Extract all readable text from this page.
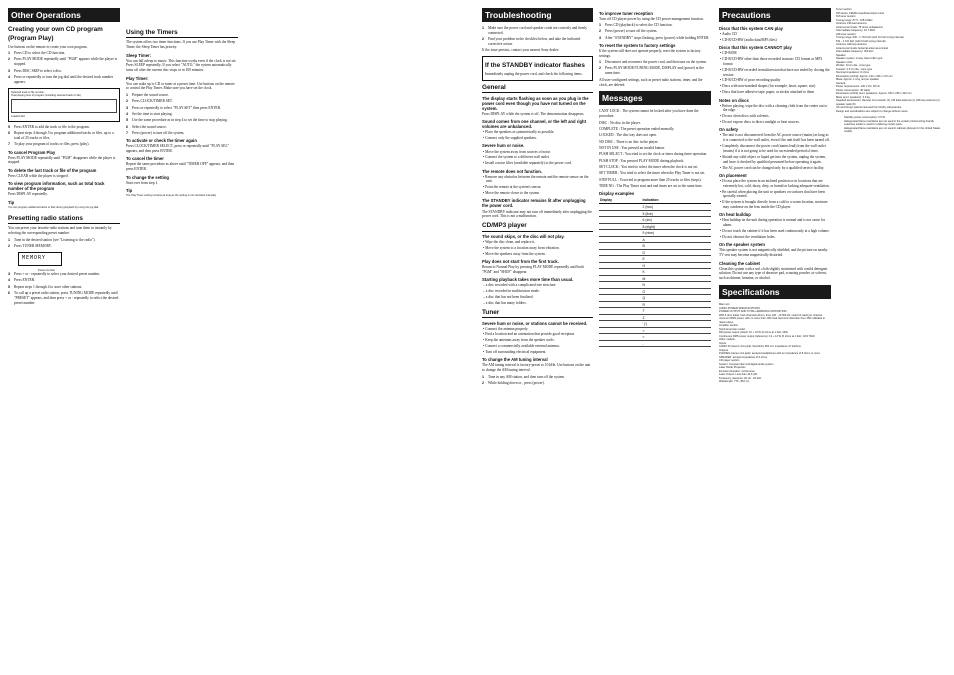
Other Operations
Creating your own CD program
(Program Play)
Use buttons on the remote to create your own program.
1	Press CD to select the CD function.
2	Press PLAY MODE repeatedly until "PGM" appears while the player is stopped.
3	Press DISC SKIP to select a disc.
4	Press or repeatedly or turn the jog dial until the desired track number appears.
Selected track or file number
Total playing time of program (including selected track or file)
Loaded disc
5	Press ENTER to add the track or file to the program.
6	Repeat steps 4 through 5 to program additional tracks or files, up to a total of 25 tracks or files.
7	To play your program of tracks or files, press (play).
To cancel Program Play
Press PLAY MODE repeatedly until "PGM" disappears while the player is stopped.
To delete the last track or file of the program
Press CLEAR while the player is stopped.
To view program information, such as total track number of the program
Press DISPLAY repeatedly.
Tip
You can program additional tracks or files during playback by using the jog dial.
Presetting radio stations
You can preset your favorite radio stations and tune them in instantly by selecting the corresponding preset number.
1	Tune in the desired station (see "Listening to the radio").
2	Press TUNER MEMORY.
MEMORY
Preset number
3	Press + or - repeatedly to select your desired preset number.
4	Press ENTER.
5	Repeat steps 1 through 4 to store other stations.
6	To call up a preset radio station, press TUNING MODE repeatedly until "PRESET" appears, and then press + or - repeatedly to select the desired preset number.
Using the Timers
The system offers two timer functions. If you use Play Timer with the Sleep Timer, the Sleep Timer has priority.
Sleep Timer:
You can fall asleep to music. This function works even if the clock is not set. Press SLEEP repeatedly. If you select "AUTO," the system automatically turns off after the current disc stops or in 100 minutes.
Play Timer:
You can wake up to CD or tuner at a preset time. Use buttons on the remote to control the Play Timer. Make sure you have set the clock.
1	Prepare the sound source.
2	Press CLOCK/TIMER SET.
3	Press or repeatedly to select "PLAY SET" then press ENTER.
4	Set the time to start playing.
5	Use the same procedure as in step 4 to set the time to stop playing.
6	Select the sound source.
7	Press (power) to turn off the system.
To activate or check the timer again
Press CLOCK/TIMER SELECT, press or repeatedly until "PLAY SEL" appears, and then press ENTER.
To cancel the timer
Repeat the same procedure as above until "TIMER OFF" appears, and then press ENTER.
To change the setting
Start over from step 1.
Tip
The Play Timer setting remains as long as the setting is not canceled manually.
Troubleshooting
1	Make sure the power cord and speaker cords are correctly and firmly connected.
2	Find your problem in the checklist below, and take the indicated corrective action.
If the issue persists, contact your nearest Sony dealer.
If the STANDBY indicator flashes
Immediately unplug the power cord, and check the following items.
General
The display starts flashing as soon as you plug in the power cord even though you have not turned on the system.
Press DISPLAY while the system is off. The demonstration disappears.
Sound comes from one channel, or the left and right volumes are unbalanced.
• Place the speakers as symmetrically as possible.
• Connect only the supplied speakers.
Severe hum or noise.
• Move the system away from sources of noise.
• Connect the system to a different wall outlet.
• Install a noise filter (available separately) to the power cord.
The remote does not function.
• Remove any obstacles between the remote and the remote sensor on the unit.
• Point the remote at the system's sensor.
• Move the remote closer to the system.
The STANDBY indicator remains lit after unplugging the power cord.
The STANDBY indicator may not turn off immediately after unplugging the power cord. This is not a malfunction.
CD/MP3 player
The sound skips, or the disc will not play.
• Wipe the disc clean, and replace it.
• Move the system to a location away from vibration.
• Move the speakers away from the system.
Play does not start from the first track.
Return to Normal Play by pressing PLAY MODE repeatedly until both "PGM" and "SHUF" disappear.
Starting playback takes more time than usual.
– a disc recorded with a complicated tree structure.
– a disc recorded in multisession mode.
– a disc that has not been finalized.
– a disc that has many folders.
Tuner
Severe hum or noise, or stations cannot be received.
• Connect the antenna properly.
• Find a location and an orientation that provide good reception.
• Keep the antennas away from the speaker cords.
• Connect a commercially available external antenna.
• Turn off surrounding electrical equipment.
To change the AM tuning interval
The AM tuning interval is factory-preset to 10 kHz. Use buttons on the unit to change the AM tuning interval.
1	Tune in any AM station, and then turn off the system.
2	While holding down or , press (power).
To improve tuner reception
Turn off CD player power by using the CD power management function.
1	Press CD (playback) to select the CD function.
2	Press (power) to turn off the system.
3	After "STANDBY" stops flashing, press (power) while holding ENTER.
To reset the system to factory settings
If the system still does not operate properly, reset the system to factory settings.
1	Disconnect and reconnect the power cord, and then turn on the system.
2	Press PLAY MODE/TUNING MODE, DISPLAY and (power) at the same time.
All user-configured settings, such as preset radio stations, timer, and the clock, are deleted.
Messages
CANT LOCK : The system cannot be locked after you have done the procedure.
DISC : No disc in the player.
COMPLETE : The preset operation ended normally.
LOCKED : The disc tray does not open.
NO DISC : There is no disc in the player.
NOT IN USE : You pressed an invalid button.
PUSH SELECT : You tried to set the clock or timer during timer operation.
PUSH STOP : You pressed PLAY MODE during playback.
SET CLOCK : You tried to select the timer when the clock is not set.
SET TIMER : You tried to select the timer when the Play Timer is not set.
STEP FULL : You tried to program more than 25 tracks or files (steps).
TIME NG : The Play Timer start and end times are set to the same time.
Display examples
Display	Indication
	2 (two)
	5 (five)
	6 (six)
	8 (eight)
	9 (nine)
	A
	B
	D
	E
	H
	K
	M
	N
	O
	Q
	R
	T
	Z
	' (’)
	>
	<
	-
Precautions
Discs that this system CAN play
• Audio CD
• CD-R/CD-RW (audio data/MP3 files)
Discs that this system CANNOT play
• CD-ROM
• CD-R/CD-RW other than those recorded in music CD format or MP3 format
• CD-R/CD-RW recorded in multisession that have not ended by closing the session
• CD-R/CD-RW of poor recording quality
• Discs with non-standard shapes (for example, heart, square, star)
• Discs that have adhesive tape, paper, or sticker attached to them
Notes on discs
• Before playing, wipe the disc with a cleaning cloth from the center out to the edge.
• Do not clean discs with solvents.
• Do not expose discs to direct sunlight or heat sources.
On safety
• The unit is not disconnected from the AC power source (mains) as long as it is connected to the wall outlet, even if the unit itself has been turned off.
• Completely disconnect the power cord (mains lead) from the wall outlet (mains) if it is not going to be used for an extended period of time.
• Should any solid object or liquid get into the system, unplug the system, and have it checked by qualified personnel before operating it again.
• The AC power cord can be changed only by a qualified service facility.
On placement
• Do not place the system in an inclined position or in locations that are extremely hot, cold, dusty, dirty, or humid or lacking adequate ventilation.
• Be careful when placing the unit or speakers on surfaces that have been specially treated.
• If the system is brought directly from a cold to a warm location, moisture may condense on the lens inside the CD player.
On heat buildup
• Heat buildup on the unit during operation is normal and is not cause for alarm.
• Do not touch the cabinet if it has been used continuously at a high volume.
• Do not obstruct the ventilation holes.
On the speaker system
This speaker system is not magnetically shielded, and the picture on nearby TV sets may become magnetically distorted.
Cleaning the cabinet
Clean this system with a soft cloth slightly moistened with a mild detergent solution. Do not use any type of abrasive pad, scouring powder, or solvent, such as thinner, benzine, or alcohol.
Specifications
Main unit
AUDIO POWER SPECIFICATIONS
POWER OUTPUT AND TOTAL HARMONIC DISTORTION:
With 6 ohm loads, both channels driven, from 120 - 10 000 Hz; rated 10 watts per channel minimum RMS power, with no more than 10% total harmonic distortion from 250 milliwatts to rated output.
Amplifier section
North American model:
DIN power output (rated): 10 + 10 W (6 ohms at 1 kHz, DIN)
Continuous RMS power output (reference): 12 + 12 W (6 ohms at 1 kHz, 10% THD)
Other models:
Inputs
AUDIO IN (stereo mini jack): Sensitivity 800 mV, impedance 47 kilohms
Outputs
PHONES (stereo mini jack): accepts headphones with an impedance of 8 ohms or more
SPEAKER: accepts impedance of 6 ohms
CD player section
System: Compact disc and digital audio system
Laser Diode Properties
Emission Duration: Continuous
Laser Output: Less than 44.6 µW
Frequency response: 20 Hz - 20 kHz
Wavelength: 770 - 810 nm
Tuner section
FM stereo, FM/AM superheterodyne tuner
FM tuner section:
Tuning range: 87.5 - 108.0 MHz
Antenna: FM lead antenna
Antenna terminals: 75 ohms unbalanced
Intermediate frequency: 10.7 MHz
AM tuner section:
Tuning range: 530 - 1 710 kHz (with 10 kHz tuning interval)
531 - 1 710 kHz (with 9 kHz tuning interval)
Antenna: AM loop antenna
Antenna terminals: External antenna terminal
Intermediate frequency: 450 kHz
Speaker
Speaker system: 2-way, bass reflex type
Speaker units:
Woofer: 10 cm dia., cone type
Tweeter: 2.5 cm dia., cone type
Nominal impedance: 6 ohms
Dimensions (w/h/d): Approx. 134 x 236 x 179 mm
Mass: Approx. 1.6 kg net per speaker
General
Power requirements: 120 V AC, 60 Hz
Power consumption: 45 watts
Dimensions (w/h/d) (excl. speakers): Approx. 180 x 236 x 310 mm
Mass (excl. speakers): 3.9 kg
Supplied accessories: Remote Commander (1), FM lead antenna (1), AM loop antenna (1), speaker pads (8)
US and foreign patents licensed from Dolby Laboratories.
Design and specifications are subject to change without notice.
Standby power consumption: 0.5 W
Halogenated flame retardants are not used in the certain printed wiring boards.
Lead-free solder is used for soldering certain parts.
Halogenated flame retardants are not used in cabinets (Except for the United States model).
